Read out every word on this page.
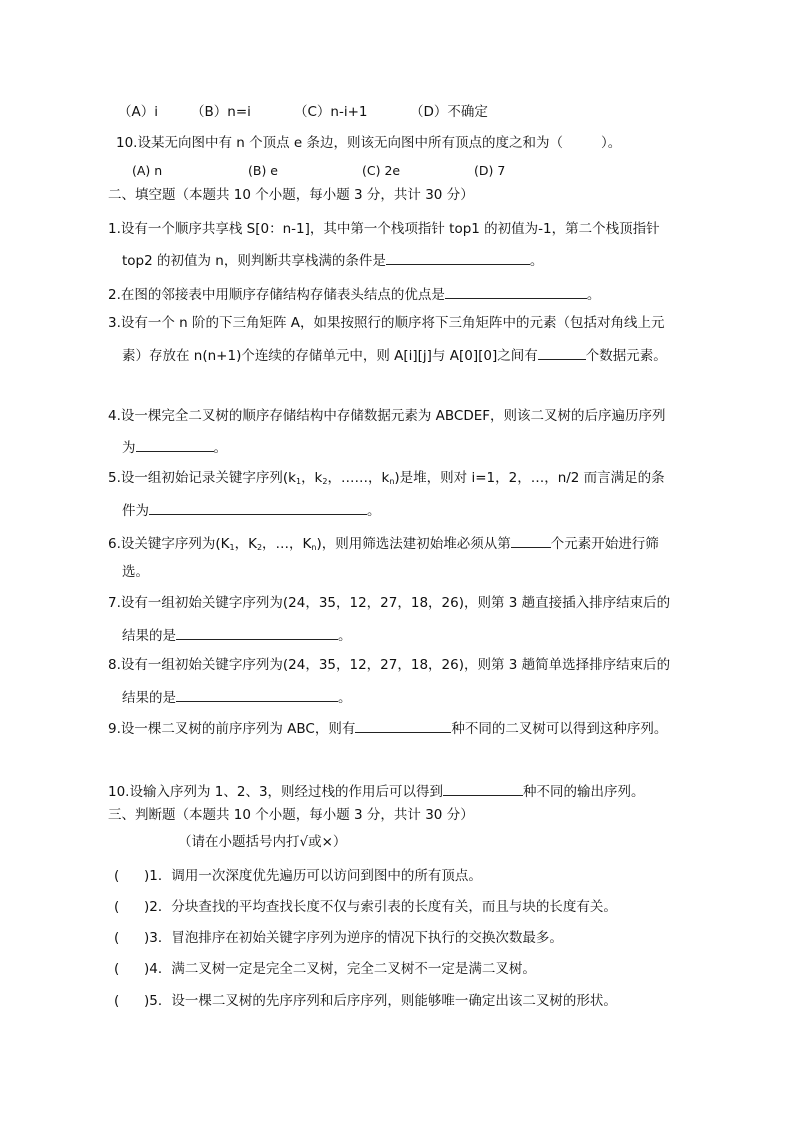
（A）i （B）n=i	（C）n-i+1	（D）不确定
10.设某无向图中有 n 个顶点 e 条边，则该无向图中所有顶点的度之和为（	）。
(A) n	(B) e	(C) 2e	(D) 7
二、填空题（本题共 10 个小题，每小题 3 分，共计 30 分）
1.设有一个顺序共享栈 S[0：n-1]，其中第一个栈项指针 top1 的初值为-1，第二个栈顶指针
top2 的初值为 n，则判断共享栈满的条件是	。
2.在图的邻接表中用顺序存储结构存储表头结点的优点是	。
3.设有一个 n 阶的下三角矩阵 A，如果按照行的顺序将下三角矩阵中的元素（包括对角线上元
素）存放在 n(n+1)个连续的存储单元中，则 A[i][j]与 A[0][0]之间有	个数据元素。
4.设一棵完全二叉树的顺序存储结构中存储数据元素为 ABCDEF，则该二叉树的后序遍历序列
为	。
5.设一组初始记录关键字序列($k_1$，$k_2$，……，$k_n$)是堆，则对 i=1，2，…，n/2 而言满足的条
件为	。
6.设关键字序列为($K_1$，$K_2$，…，$K_n$)，则用筛选法建初始堆必须从第	个元素开始进行筛
选。
7.设有一组初始关键字序列为(24，35，12，27，18，26)，则第 3 趟直接插入排序结束后的
结果的是	。
8.设有一组初始关键字序列为(24，35，12，27，18，26)，则第 3 趟简单选择排序结束后的
结果的是	。
9.设一棵二叉树的前序序列为 ABC，则有	种不同的二叉树可以得到这种序列。
10.设输入序列为 1、2、3，则经过栈的作用后可以得到	种不同的输出序列。
三、判断题（本题共 10 个小题，每小题 3 分，共计 30 分）
（请在小题括号内打√或×）
( )1．调用一次深度优先遍历可以访问到图中的所有顶点。
( )2．分块查找的平均查找长度不仅与索引表的长度有关，而且与块的长度有关。
( )3．冒泡排序在初始关键字序列为逆序的情况下执行的交换次数最多。
( )4．满二叉树一定是完全二叉树，完全二叉树不一定是满二叉树。
( )5．设一棵二叉树的先序序列和后序序列，则能够唯一确定出该二叉树的形状。
